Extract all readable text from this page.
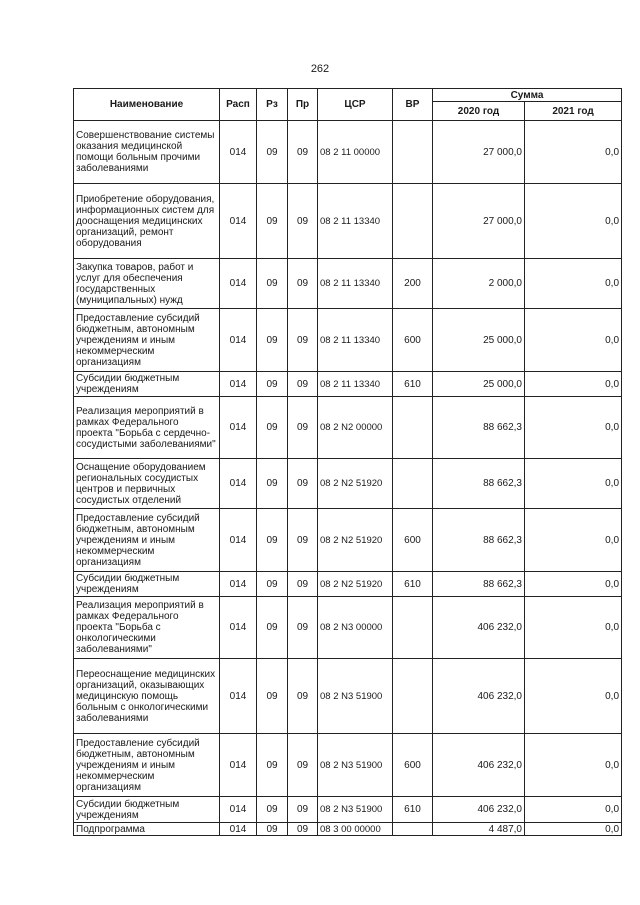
262
Наименование	Расп	Рз	Пр	ЦСР	ВР	Сумма	
						2020 год	2021 год
Совершенствование системы оказания медицинской помощи больным прочими заболеваниями	014	09	09	08 2 11 00000		27 000,0	0,0
Приобретение оборудования, информационных систем для дооснащения медицинских организаций, ремонт оборудования	014	09	09	08 2 11 13340		27 000,0	0,0
Закупка товаров, работ и услуг для обеспечения государственных (муниципальных) нужд	014	09	09	08 2 11 13340	200	2 000,0	0,0
Предоставление субсидий бюджетным, автономным учреждениям и иным некоммерческим организациям	014	09	09	08 2 11 13340	600	25 000,0	0,0
Субсидии бюджетным учреждениям	014	09	09	08 2 11 13340	610	25 000,0	0,0
Реализация мероприятий в рамках Федерального проекта "Борьба с сердечно-сосудистыми заболеваниями"	014	09	09	08 2 N2 00000		88 662,3	0,0
Оснащение оборудованием региональных сосудистых центров и первичных сосудистых отделений	014	09	09	08 2 N2 51920		88 662,3	0,0
Предоставление субсидий бюджетным, автономным учреждениям и иным некоммерческим организациям	014	09	09	08 2 N2 51920	600	88 662,3	0,0
Субсидии бюджетным учреждениям	014	09	09	08 2 N2 51920	610	88 662,3	0,0
Реализация мероприятий в рамках Федерального проекта "Борьба с онкологическими заболеваниями"	014	09	09	08 2 N3 00000		406 232,0	0,0
Переоснащение медицинских организаций, оказывающих медицинскую помощь больным с онкологическими заболеваниями	014	09	09	08 2 N3 51900		406 232,0	0,0
Предоставление субсидий бюджетным, автономным учреждениям и иным некоммерческим организациям	014	09	09	08 2 N3 51900	600	406 232,0	0,0
Субсидии бюджетным учреждениям	014	09	09	08 2 N3 51900	610	406 232,0	0,0
Подпрограмма	014	09	09	08 3 00 00000		4 487,0	0,0
